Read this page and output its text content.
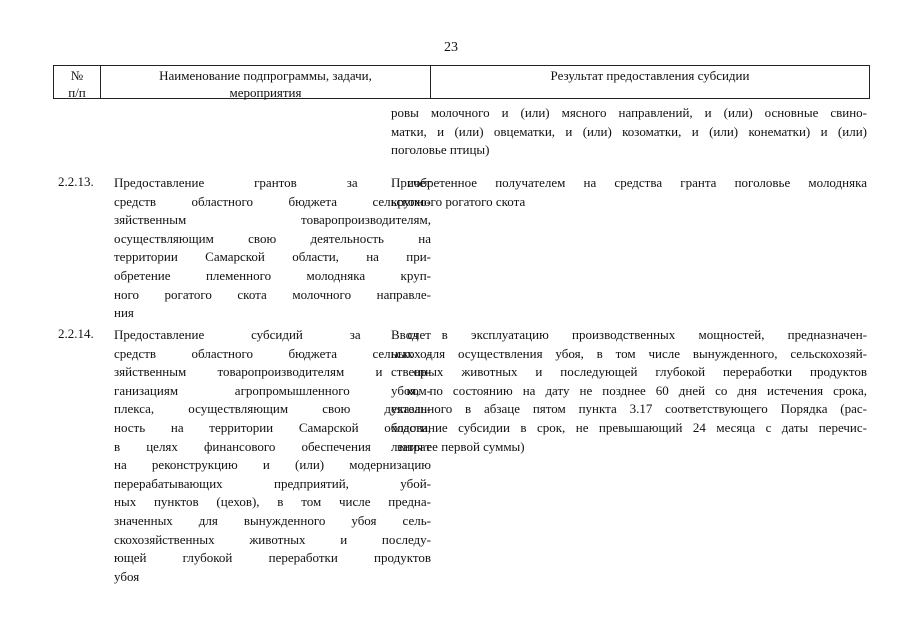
23
№
п/п
Наименование подпрограммы, задачи,
мероприятия
Результат предоставления субсидии
ровы молочного и (или) мясного направлений, и (или) основные свино-
матки, и (или) овцематки, и (или) козоматки, и (или) конематки) и (или)
поголовье птицы)
2.2.13. Предоставление грантов за счет
средств областного бюджета сельскохо-
зяйственным товаропроизводителям,
осуществляющим свою деятельность на
территории Самарской области, на при-
обретение племенного молодняка круп-
ного рогатого скота молочного направле-
ния
Приобретенное получателем на средства гранта поголовье молодняка
крупного рогатого скота
2.2.14. Предоставление субсидий за счет
средств областного бюджета сельскохо-
зяйственным товаропроизводителям и ор-
ганизациям агропромышленного ком-
плекса, осуществляющим свою деятель-
ность на территории Самарской области,
в целях финансового обеспечения затрат
на реконструкцию и (или) модернизацию
перерабатывающих предприятий, убой-
ных пунктов (цехов), в том числе предна-
значенных для вынужденного убоя сель-
скохозяйственных животных и последу-
ющей глубокой переработки продуктов
убоя
Ввод в эксплуатацию производственных мощностей, предназначен-
ных для осуществления убоя, в том числе вынужденного, сельскохозяй-
ственных животных и последующей глубокой переработки продуктов
убоя, по состоянию на дату не позднее 60 дней со дня истечения срока,
указанного в абзаце пятом пункта 3.17 соответствующего Порядка (рас-
ходование субсидии в срок, не превышающий 24 месяца с даты перечис-
ления ее первой суммы)
